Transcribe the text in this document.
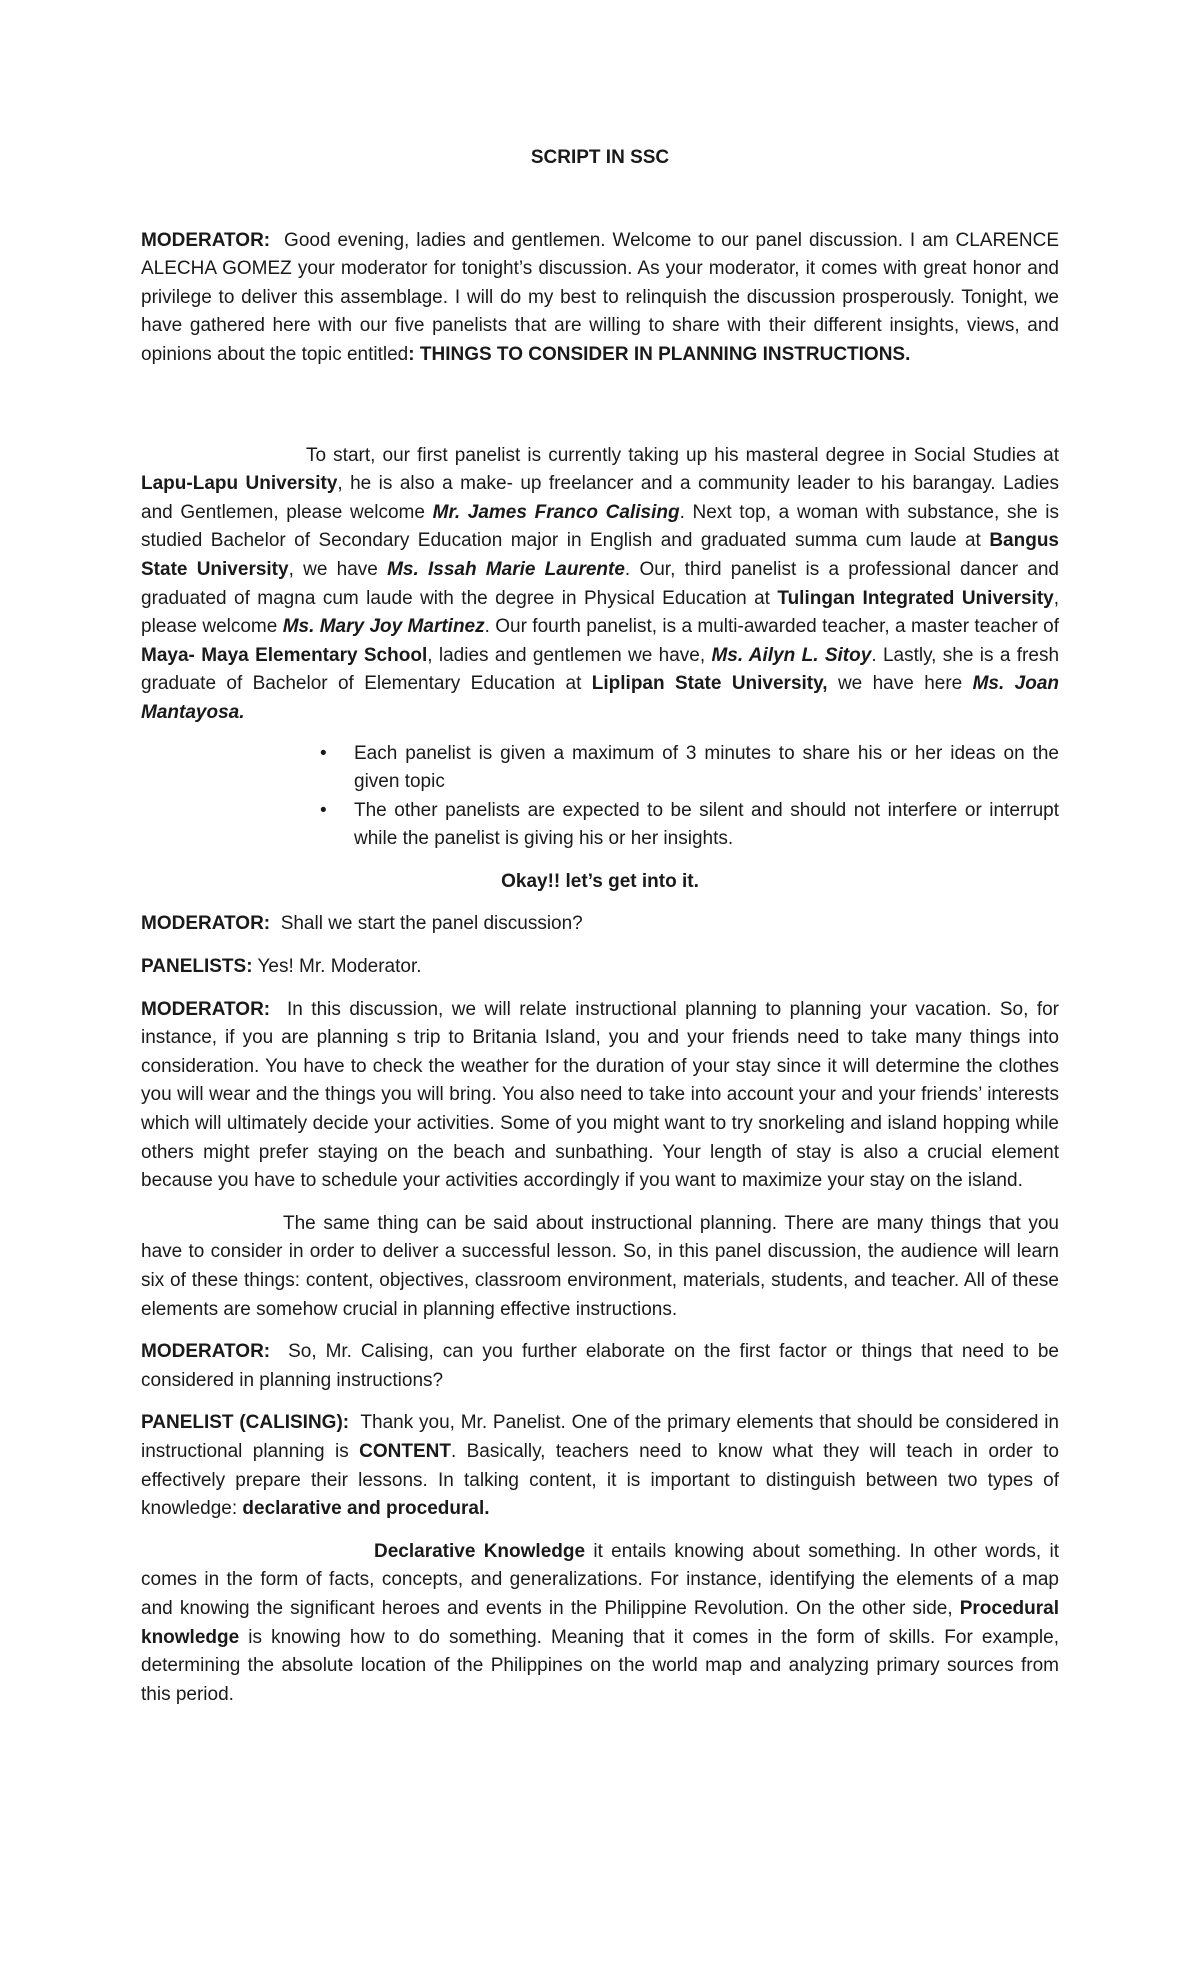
SCRIPT IN SSC

MODERATOR: Good evening, ladies and gentlemen. Welcome to our panel discussion. I am CLARENCE ALECHA GOMEZ your moderator for tonight’s discussion. As your moderator, it comes with great honor and privilege to deliver this assemblage. I will do my best to relinquish the discussion prosperously. Tonight, we have gathered here with our five panelists that are willing to share with their different insights, views, and opinions about the topic entitled: THINGS TO CONSIDER IN PLANNING INSTRUCTIONS.

To start, our first panelist is currently taking up his masteral degree in Social Studies at Lapu-Lapu University, he is also a make- up freelancer and a community leader to his barangay. Ladies and Gentlemen, please welcome Mr. James Franco Calising. Next top, a woman with substance, she is studied Bachelor of Secondary Education major in English and graduated summa cum laude at Bangus State University, we have Ms. Issah Marie Laurente. Our, third panelist is a professional dancer and graduated of magna cum laude with the degree in Physical Education at Tulingan Integrated University, please welcome Ms. Mary Joy Martinez. Our fourth panelist, is a multi-awarded teacher, a master teacher of Maya- Maya Elementary School, ladies and gentlemen we have, Ms. Ailyn L. Sitoy. Lastly, she is a fresh graduate of Bachelor of Elementary Education at Liplipan State University, we have here Ms. Joan Mantayosa.

• Each panelist is given a maximum of 3 minutes to share his or her ideas on the given topic
• The other panelists are expected to be silent and should not interfere or interrupt while the panelist is giving his or her insights.
Okay!! let’s get into it.

MODERATOR: Shall we start the panel discussion?

PANELISTS: Yes! Mr. Moderator.

MODERATOR: In this discussion, we will relate instructional planning to planning your vacation. So, for instance, if you are planning s trip to Britania Island, you and your friends need to take many things into consideration. You have to check the weather for the duration of your stay since it will determine the clothes you will wear and the things you will bring. You also need to take into account your and your friends’ interests which will ultimately decide your activities. Some of you might want to try snorkeling and island hopping while others might prefer staying on the beach and sunbathing. Your length of stay is also a crucial element because you have to schedule your activities accordingly if you want to maximize your stay on the island.

The same thing can be said about instructional planning. There are many things that you have to consider in order to deliver a successful lesson. So, in this panel discussion, the audience will learn six of these things: content, objectives, classroom environment, materials, students, and teacher. All of these elements are somehow crucial in planning effective instructions.

MODERATOR: So, Mr. Calising, can you further elaborate on the first factor or things that need to be considered in planning instructions?

PANELIST (CALISING): Thank you, Mr. Panelist. One of the primary elements that should be considered in instructional planning is CONTENT. Basically, teachers need to know what they will teach in order to effectively prepare their lessons. In talking content, it is important to distinguish between two types of knowledge: declarative and procedural.

Declarative Knowledge it entails knowing about something. In other words, it comes in the form of facts, concepts, and generalizations. For instance, identifying the elements of a map and knowing the significant heroes and events in the Philippine Revolution. On the other side, Procedural knowledge is knowing how to do something. Meaning that it comes in the form of skills. For example, determining the absolute location of the Philippines on the world map and analyzing primary sources from this period.
